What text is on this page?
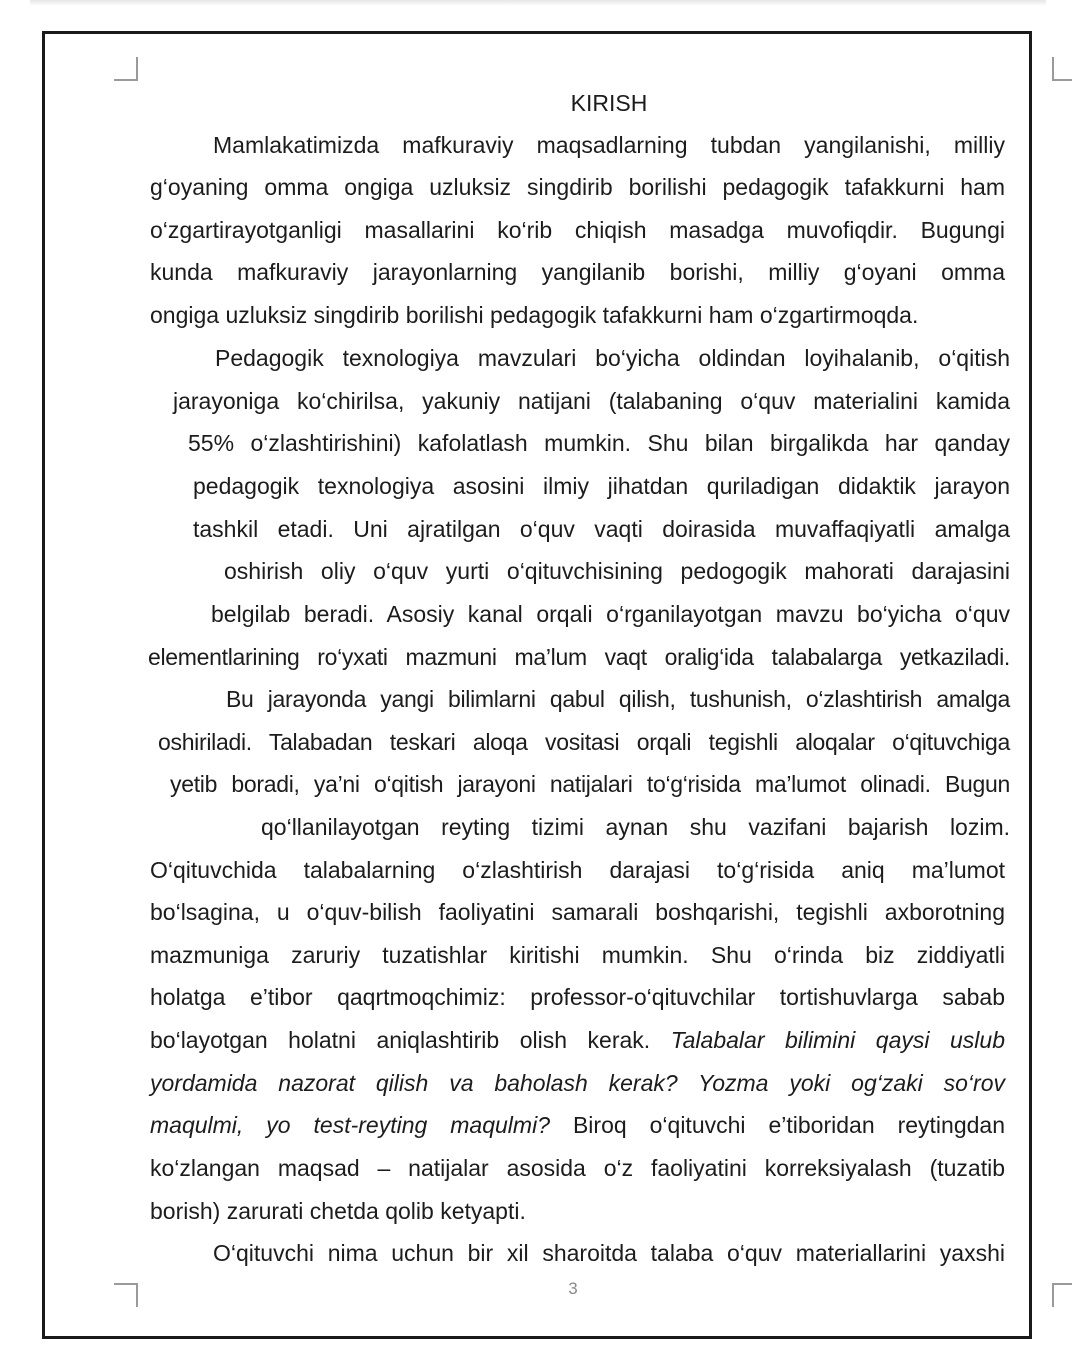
KIRISH
Mamlakatimizda mafkuraviy maqsadlarning tubdan yangilanishi, milliy
g‘oyaning omma ongiga uzluksiz singdirib borilishi pedagogik tafakkurni ham
o‘zgartirayotganligi masallarini ko‘rib chiqish masadga muvofiqdir. Bugungi
kunda mafkuraviy jarayonlarning yangilanib borishi, milliy g‘oyani omma
ongiga uzluksiz singdirib borilishi pedagogik tafakkurni ham o‘zgartirmoqda.
Pedagogik texnologiya mavzulari bo‘yicha oldindan loyihalanib, o‘qitish
jarayoniga ko‘chirilsa, yakuniy natijani (talabaning o‘quv materialini kamida
55% o‘zlashtirishini) kafolatlash mumkin. Shu bilan birgalikda har qanday
pedagogik texnologiya asosini ilmiy jihatdan quriladigan didaktik jarayon
tashkil etadi. Uni ajratilgan o‘quv vaqti doirasida muvaffaqiyatli amalga
oshirish oliy o‘quv yurti o‘qituvchisining pedogogik mahorati darajasini
belgilab beradi. Asosiy kanal orqali o‘rganilayotgan mavzu bo‘yicha o‘quv
elementlarining ro‘yxati mazmuni ma’lum vaqt oralig‘ida talabalarga yetkaziladi.
Bu jarayonda yangi bilimlarni qabul qilish, tushunish, o‘zlashtirish amalga
oshiriladi. Talabadan teskari aloqa vositasi orqali tegishli aloqalar o‘qituvchiga
yetib boradi, ya’ni o‘qitish jarayoni natijalari to‘g‘risida ma’lumot olinadi. Bugun
qo‘llanilayotgan reyting tizimi aynan shu vazifani bajarish lozim.
O‘qituvchida talabalarning o‘zlashtirish darajasi to‘g‘risida aniq ma’lumot
bo‘lsagina, u o‘quv-bilish faoliyatini samarali boshqarishi, tegishli axborotning
mazmuniga zaruriy tuzatishlar kiritishi mumkin. Shu o‘rinda biz ziddiyatli
holatga e’tibor qaqrtmoqchimiz: professor-o‘qituvchilar tortishuvlarga sabab
bo‘layotgan holatni aniqlashtirib olish kerak. Talabalar bilimini qaysi uslub
yordamida nazorat qilish va baholash kerak? Yozma yoki og‘zaki so‘rov
maqulmi, yo test-reyting maqulmi? Biroq o‘qituvchi e’tiboridan reytingdan
ko‘zlangan maqsad – natijalar asosida o‘z faoliyatini korreksiyalash (tuzatib
borish) zarurati chetda qolib ketyapti.
O‘qituvchi nima uchun bir xil sharoitda talaba o‘quv materiallarini yaxshi
3
